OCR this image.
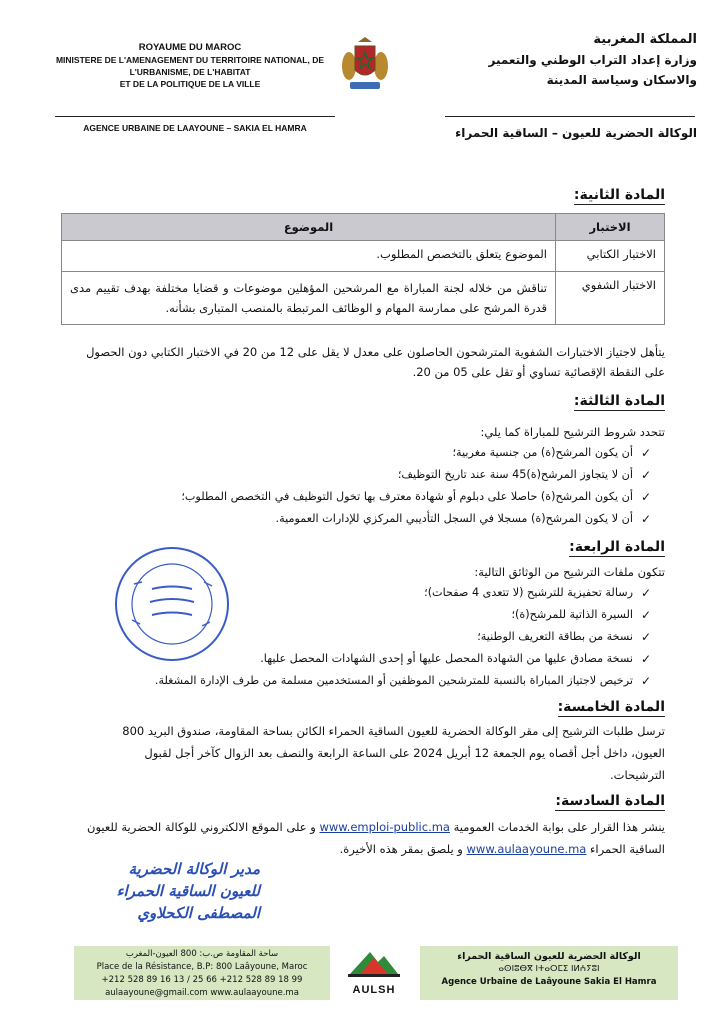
ROYAUME DU MAROC
MINISTERE DE L'AMENAGEMENT DU TERRITOIRE NATIONAL, DE
L'URBANISME, DE L'HABITAT
ET DE LA POLITIQUE DE LA VILLE
المملكة المغربية
وزارة إعداد التراب الوطني والتعمير
والاسكان وسياسة المدينة
AGENCE URBAINE DE LAAYOUNE – SAKIA EL HAMRA	الوكالة الحضرية للعيون – الساقية الحمراء
المادة الثانية:
الاختبار	الموضوع
الاختبار الكتابي	الموضوع يتعلق بالتخصص المطلوب.
الاختبار الشفوي	تناقش من خلاله لجنة المباراة مع المرشحين المؤهلين موضوعات و قضايا مختلفة بهدف تقييم مدى قدرة المرشح على ممارسة المهام و الوظائف المرتبطة بالمنصب المتبارى بشأنه.
يتأهل لاجتياز الاختبارات الشفوية المترشحون الحاصلون على معدل لا يقل على 12 من 20 في الاختبار الكتابي دون الحصول
على النقطة الإقصائية تساوي أو تقل على 05 من 20.
المادة الثالثة:
تتحدد شروط الترشيح للمباراة كما يلي:
✓
أن يكون المرشح(ة) من جنسية مغربية؛
✓
أن لا يتجاوز المرشح(ة)45 سنة عند تاريخ التوظيف؛
✓
أن يكون المرشح(ة) حاصلا على دبلوم أو شهادة معترف بها تخول التوظيف في التخصص المطلوب؛
✓
أن لا يكون المرشح(ة) مسجلا في السجل التأديبي المركزي للإدارات العمومية.
المادة الرابعة:
تتكون ملفات الترشيح من الوثائق التالية:
✓
رسالة تحفيزية للترشيح (لا تتعدى 4 صفحات)؛
✓
السيرة الذاتية للمرشح(ة)؛
✓
نسخة من بطاقة التعريف الوطنية؛
✓
نسخة مصادق عليها من الشهادة المحصل عليها أو إحدى الشهادات المحصل عليها.
✓
ترخيص لاجتياز المباراة بالنسبة للمترشحين الموظفين أو المستخدمين مسلمة من طرف الإدارة المشغلة.
المادة الخامسة:
ترسل طلبات الترشيح إلى مقر الوكالة الحضرية للعيون الساقية الحمراء الكائن بساحة المقاومة، صندوق البريد 800
العيون، داخل أجل أقصاه يوم الجمعة 12 أبريل 2024 على الساعة الرابعة والنصف بعد الزوال كآخر أجل لقبول
الترشيحات.
المادة السادسة:
ينشر هذا القرار على بوابة الخدمات العمومية www.emploi-public.ma و على الموقع الالكتروني للوكالة الحضرية للعيون
الساقية الحمراء www.aulaayoune.ma و يلصق بمقر هذه الأخيرة.
مدير الوكالة الحضرية
للعيون الساقية الحمراء
المصطفى الكحلاوي
ساحة المقاومة ص.ب: 800 العيون-المغرب
Place de la Résistance, B.P: 800 Laâyoune, Maroc
+212 528 89 16 13 / 25 66 +212 528 89 18 99
aulaayoune@gmail.com www.aulaayoune.ma	AULSH
الوكالة الحضرية للعيون الساقية الحمراء
ⴰⵙⵏⵓⴱⴳ ⵏⵜⴰⵔⵎⵉ ⵏⵍⵄⵢⵓⵏ
Agence Urbaine de Laâyoune Sakia El Hamra
